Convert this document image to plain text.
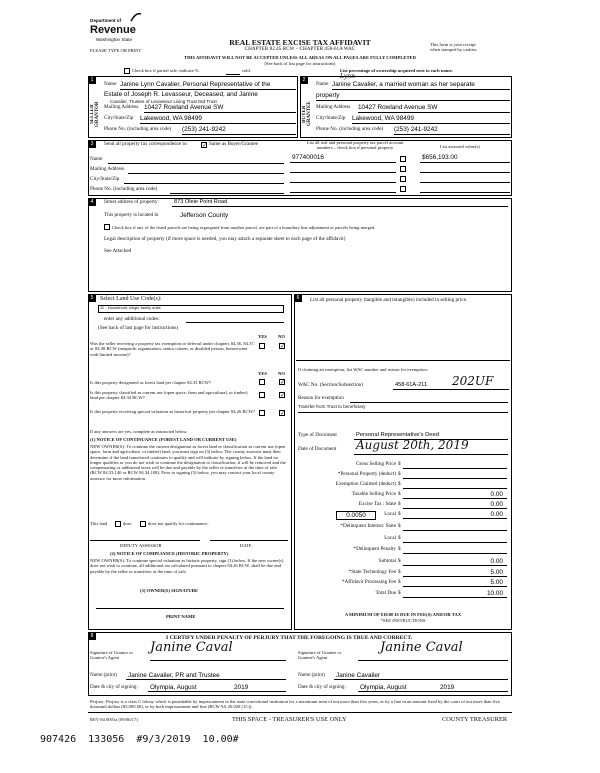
Department of
Revenue
Washington State
PLEASE TYPE OR PRINT
REAL ESTATE EXCISE TAX AFFIDAVIT
CHAPTER 82.45 RCW – CHAPTER 458-61A WAC
THIS AFFIDAVIT WILL NOT BE ACCEPTED UNLESS ALL AREAS ON ALL PAGES ARE FULLY COMPLETED
(See back of last page for instructions)
This form is your receipt
when stamped by cashier.
Check box if partial sale, indicate %	sold.	List percentage of ownership acquired next to each name.
1
SELLER GRANTOR
Name Janine Lynn Cavalier, Personal Representative of the
Estate of Joseph R. Levasseur, Deceased, and Janine
Cavalier, Trustee of Levasseur Living Trust Dtd Trust
Mailing Address 10427 Rowland Avenue SW
City/State/Zip Lakewood, WA 98499
Phone No. (including area code) (253) 241-9242
2
BUYER GRANTEE
Name
Lynn
Janine Cavalier, a married woman as her separate
property
Mailing Address 10427 Rowland Avenue SW
City/State/Zip Lakewood, WA 98499
Phone No. (including area code) (253) 241-9242
3	Send all property tax correspondence to: ✓ Same as Buyer/Grantee
Name
Mailing Address
City/State/Zip
Phone No. (including area code)
List all real and personal property tax parcel account
numbers – check box if personal property	List assessed value(s)
977400016	$656,193.00
4	Street address of property:	873 Oleie Point Road
This property is located in	Jefferson County
Check box if any of the listed parcels are being segregated from another parcel, are part of a boundary line adjustment or parcels being merged.
Legal description of property (if more space is needed, you may attach a separate sheet to each page of the affidavit)
See Attached
5	Select Land Use Code(s):
11 - Household, single family units
enter any additional codes:
(See back of last page for instructions)
YES NO
Was the seller receiving a property tax exemption or deferral under chapters 84.36, 84.37, or 84.38 RCW (nonprofit organization, senior citizen, or disabled person, homeowner with limited income)?
✓
YES NO
Is this property designated as forest land per chapter 84.33 RCW?	✓
Is this property classified as current use (open space, farm and agricultural, or timber) land per chapter 84.34 RCW?	✓
Is this property receiving special valuation as historical property per chapter 84.26 RCW?	✓
If any answers are yes, complete as instructed below.
(1) NOTICE OF CONTINUANCE (FOREST LAND OR CURRENT USE)
NEW OWNER(S): To continue the current designation as forest land or classification as current use (open space, farm and agriculture, or timber) land, you must sign on (3) below. The county assessor must then determine if the land transferred continues to qualify and will indicate by signing below. If the land no longer qualifies or you do not wish to continue the designation or classification, it will be removed and the compensating or additional taxes will be due and payable by the seller or transferor at the time of sale. (RCW 84.33.140 or RCW 84.34.108). Prior to signing (3) below, you may contact your local county assessor for more information.
This land	does	does not qualify for continuance.
DEPUTY ASSESSOR	DATE
(2) NOTICE OF COMPLIANCE (HISTORIC PROPERTY)
NEW OWNER(S): To continue special valuation as historic property, sign (3) below. If the new owner(s) does not wish to continue, all additional tax calculated pursuant to chapter 84.26 RCW, shall be due and payable by the seller or transferor at the time of sale.
(3) OWNER(S) SIGNATURE
PRINT NAME
6	List all personal property (tangible and intangible) included in selling price.
If claiming an exemption, list WAC number and reason for exemption:
WAC No. (Section/Subsection)	458-61A-211 202UF
Reason for exemption
Transfer from Trust to beneficiary
Type of Document	Personal Representative's Deed
Date of Document August 20th, 2019
Gross Selling Price $
*Personal Property (deduct) $
Exemption Claimed (deduct) $
Taxable Selling Price $	0.00
Excise Tax : State $	0.00
0.0050	Local $	0.00
*Delinquent Interest: State $
Local $
*Delinquent Penalty $
Subtotal $	0.00
*State Technology Fee $	5.00
*Affidavit Processing Fee $	5.00
Total Due $	10.00
A MINIMUM OF $10.00 IS DUE IN FEE(S) AND/OR TAX
*SEE INSTRUCTIONS
8	I CERTIFY UNDER PENALTY OF PERJURY THAT THE FOREGOING IS TRUE AND CORRECT.
Signature of Grantor or Grantor's Agent
Janine Caval	Signature of Grantee or Grantee's Agent
Janine Caval
Name (print) Janine Cavalier, PR and Trustee	Name (print) Janine Cavalier
Date & city of signing: Olympia, August	2019	Date & city of signing: Olympia, August	2019
Perjury: Perjury is a class C felony which is punishable by imprisonment in the state correctional institution for a maximum term of not more than five years, or by a fine in an amount fixed by the court of not more than five thousand dollars ($5,000.00), or by both imprisonment and fine (RCW 9A.20.020 (1C)).
REV 84 0001a (09/06/17)	THIS SPACE - TREASURER'S USE ONLY	COUNTY TREASURER
907426  133056  #9/3/2019  10.00#
